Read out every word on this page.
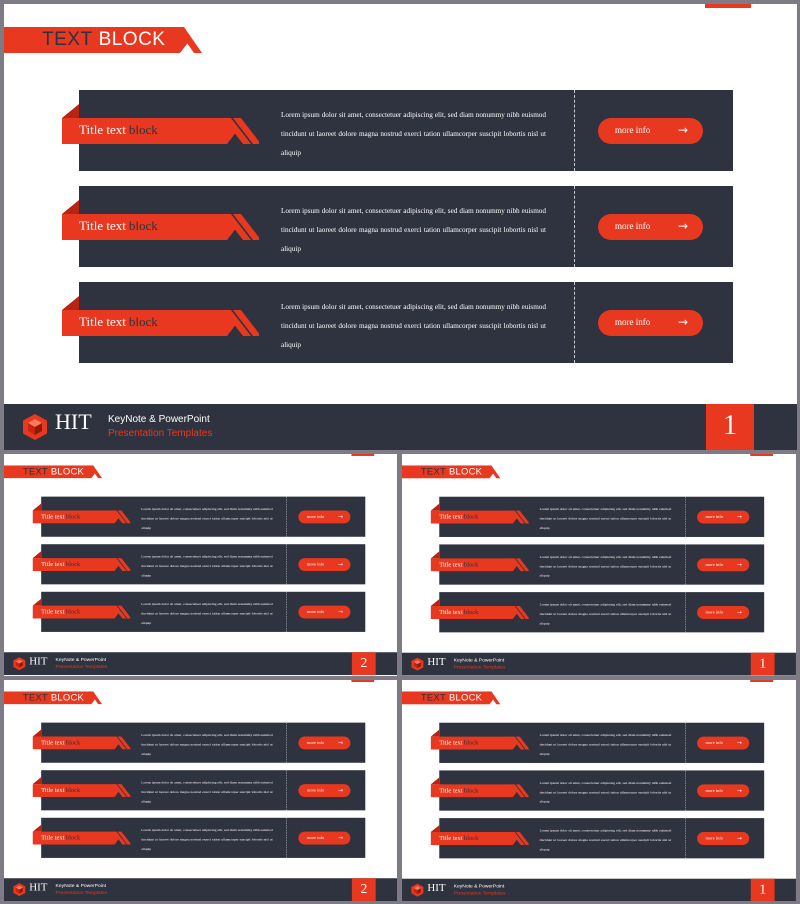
TEXT BLOCK
Title text block
Lorem ipsum dolor sit amet, consectetuer adipiscing elit, sed diam nonummy nibh euismod tincidunt ut laoreet dolore magna nostrud exerci tation ullamcorper suscipit lobortis nisl ut aliquip
more info →
Title text block
Lorem ipsum dolor sit amet, consectetuer adipiscing elit, sed diam nonummy nibh euismod tincidunt ut laoreet dolore magna nostrud exerci tation ullamcorper suscipit lobortis nisl ut aliquip
more info →
Title text block
Lorem ipsum dolor sit amet, consectetuer adipiscing elit, sed diam nonummy nibh euismod tincidunt ut laoreet dolore magna nostrud exerci tation ullamcorper suscipit lobortis nisl ut aliquip
more info →
HIT KeyNote & PowerPoint
Presentation Templates	1
TEXT BLOCK
Title textblock
Lorem ipsum dolor sit amet, consectetuer adipiscing elit, sed diam nonummy nibh euismod tincidunt ut laoreet dolore magna nostrud exerci tation ullamcorper suscipit lobortis nisl ut aliquip
more info →
Title textblock
Lorem ipsum dolor sit amet, consectetuer adipiscing elit, sed diam nonummy nibh euismod tincidunt ut laoreet dolore magna nostrud exerci tation ullamcorper suscipit lobortis nisl ut aliquip
more info →
Title textblock
Lorem ipsum dolor sit amet, consectetuer adipiscing elit, sed diam nonummy nibh euismod tincidunt ut laoreet dolore magna nostrud exerci tation ullamcorper suscipit lobortis nisl ut aliquip
more info →
HIT KeyNote & PowerPoint
Presentation Templates	2
TEXT BLOCK
Title textblock
Lorem ipsum dolor sit amet, consectetuer adipiscing elit, sed diam nonummy nibh euismod tincidunt ut laoreet dolore magna nostrud exerci tation ullamcorper suscipit lobortis nisl ut aliquip
more info →
Title textblock
Lorem ipsum dolor sit amet, consectetuer adipiscing elit, sed diam nonummy nibh euismod tincidunt ut laoreet dolore magna nostrud exerci tation ullamcorper suscipit lobortis nisl ut aliquip
more info →
Title textblock
Lorem ipsum dolor sit amet, consectetuer adipiscing elit, sed diam nonummy nibh euismod tincidunt ut laoreet dolore magna nostrud exerci tation ullamcorper suscipit lobortis nisl ut aliquip
more info →
HIT KeyNote & PowerPoint
Presentation Templates	1
TEXT BLOCK
Title textblock
Lorem ipsum dolor sit amet, consectetuer adipiscing elit, sed diam nonummy nibh euismod tincidunt ut laoreet dolore magna nostrud exerci tation ullamcorper suscipit lobortis nisl ut aliquip
more info →
Title textblock
Lorem ipsum dolor sit amet, consectetuer adipiscing elit, sed diam nonummy nibh euismod tincidunt ut laoreet dolore magna nostrud exerci tation ullamcorper suscipit lobortis nisl ut aliquip
more info →
Title textblock
Lorem ipsum dolor sit amet, consectetuer adipiscing elit, sed diam nonummy nibh euismod tincidunt ut laoreet dolore magna nostrud exerci tation ullamcorper suscipit lobortis nisl ut aliquip
more info →
HIT KeyNote & PowerPoint
Presentation Templates	2
TEXT BLOCK
Title textblock
Lorem ipsum dolor sit amet, consectetuer adipiscing elit, sed diam nonummy nibh euismod tincidunt ut laoreet dolore magna nostrud exerci tation ullamcorper suscipit lobortis nisl ut aliquip
more info →
Title textblock
Lorem ipsum dolor sit amet, consectetuer adipiscing elit, sed diam nonummy nibh euismod tincidunt ut laoreet dolore magna nostrud exerci tation ullamcorper suscipit lobortis nisl ut aliquip
more info →
Title textblock
Lorem ipsum dolor sit amet, consectetuer adipiscing elit, sed diam nonummy nibh euismod tincidunt ut laoreet dolore magna nostrud exerci tation ullamcorper suscipit lobortis nisl ut aliquip
more info →
HIT KeyNote & PowerPoint
Presentation Templates	1
